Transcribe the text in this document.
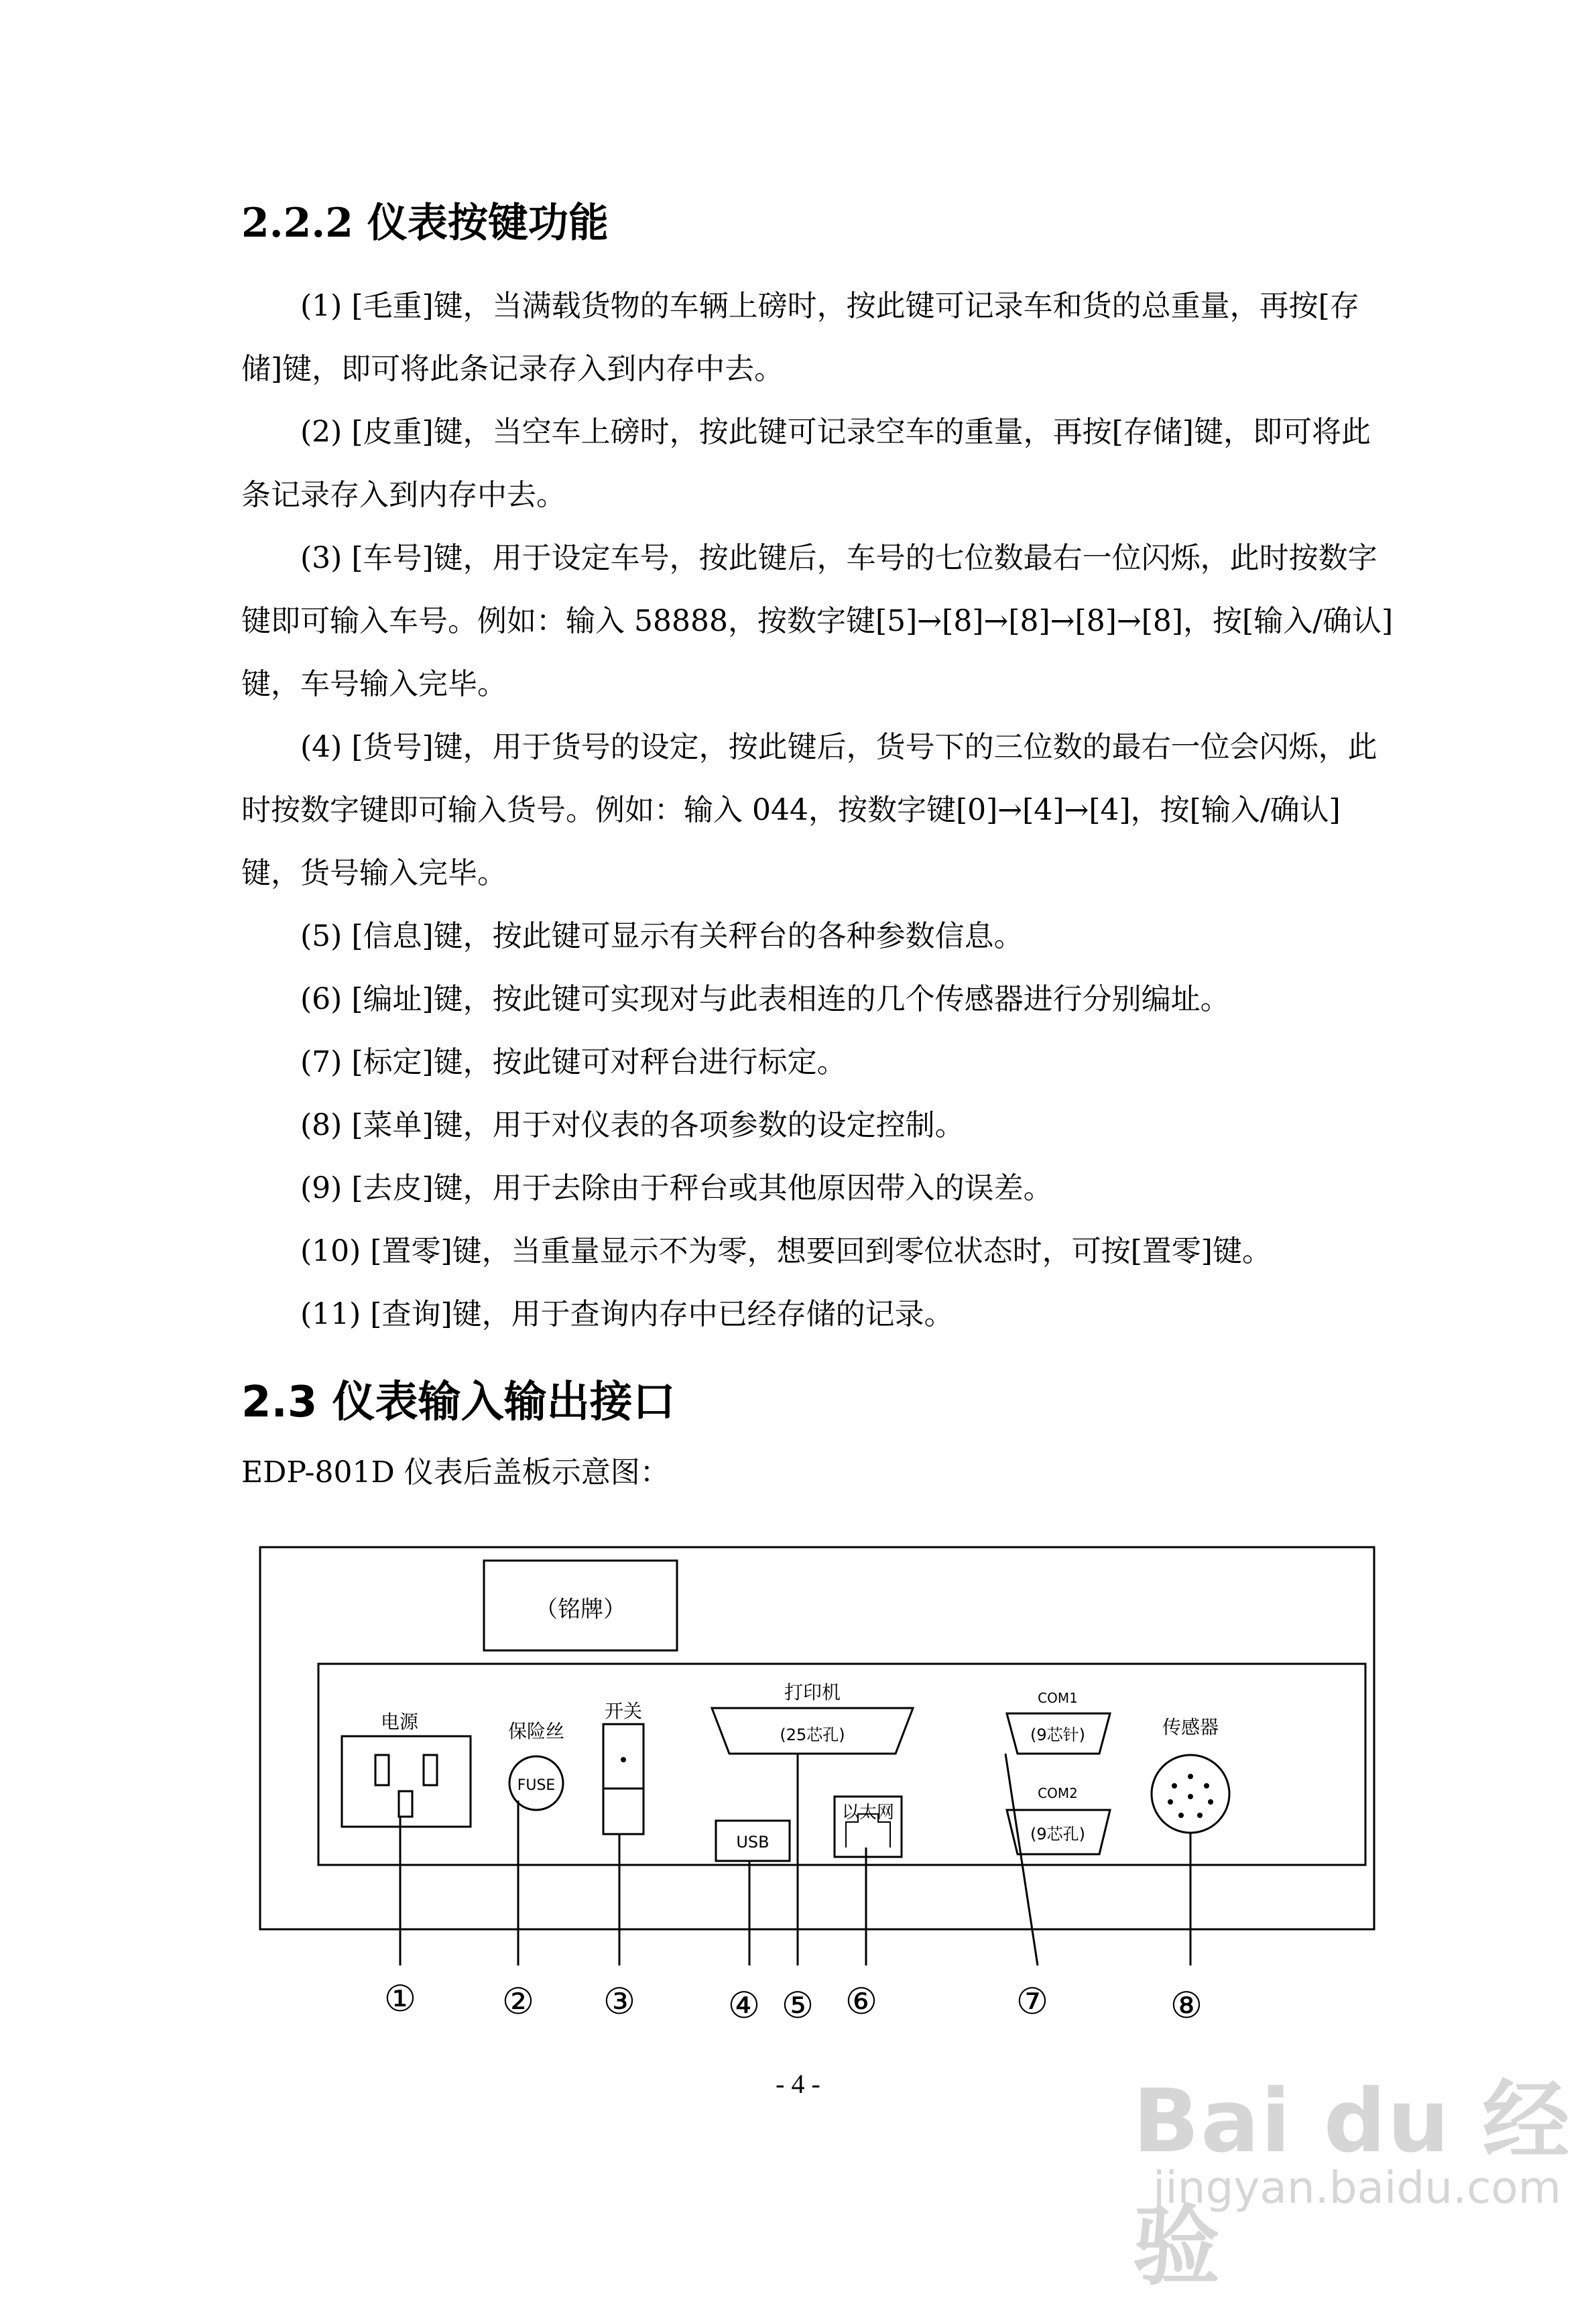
2.2.2 仪表按键功能

(1) [毛重]键，当满载货物的车辆上磅时，按此键可记录车和货的总重量，再按[存储]键，即可将此条记录存入到内存中去。

(2) [皮重]键，当空车上磅时，按此键可记录空车的重量，再按[存储]键，即可将此条记录存入到内存中去。

(3) [车号]键，用于设定车号，按此键后，车号的七位数最右一位闪烁，此时按数字键即可输入车号。例如：输入 58888，按数字键[5]→[8]→[8]→[8]→[8]，按[输入/确认]键，车号输入完毕。

(4) [货号]键，用于货号的设定，按此键后，货号下的三位数的最右一位会闪烁，此时按数字键即可输入货号。例如：输入 044，按数字键[0]→[4]→[4]，按[输入/确认]键，货号输入完毕。

(5) [信息]键，按此键可显示有关秤台的各种参数信息。

(6) [编址]键，按此键可实现对与此表相连的几个传感器进行分别编址。

(7) [标定]键，按此键可对秤台进行标定。

(8) [菜单]键，用于对仪表的各项参数的设定控制。

(9) [去皮]键，用于去除由于秤台或其他原因带入的误差。

(10) [置零]键，当重量显示不为零，想要回到零位状态时，可按[置零]键。

(11) [查询]键，用于查询内存中已经存储的记录。

2.3 仪表输入输出接口

EDP-801D 仪表后盖板示意图：

（铭牌）
电源	保险丝
FUSE
开关
打印机
(25芯孔)
USB
以太网
COM1
(9芯针)
COM2
(9芯孔)
传感器
① ② ③	④ ⑤ ⑥	⑦	⑧
- 4 -	Bai du 经验
jingyan.baidu.com
